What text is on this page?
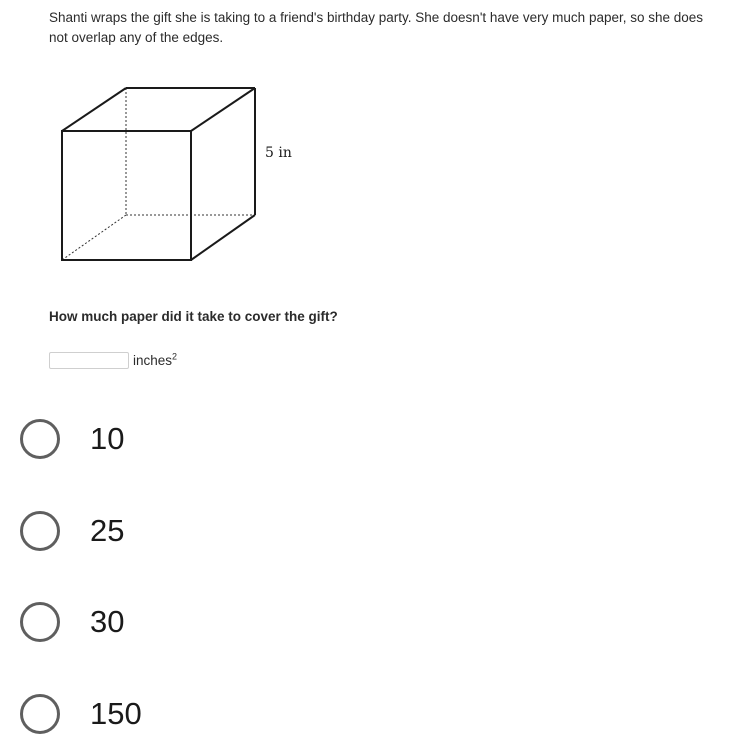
Shanti wraps the gift she is taking to a friend's birthday party. She doesn't have very much paper, so she does not overlap any of the edges.
5 in
How much paper did it take to cover the gift?
inches$^2$
10
25
30
150
